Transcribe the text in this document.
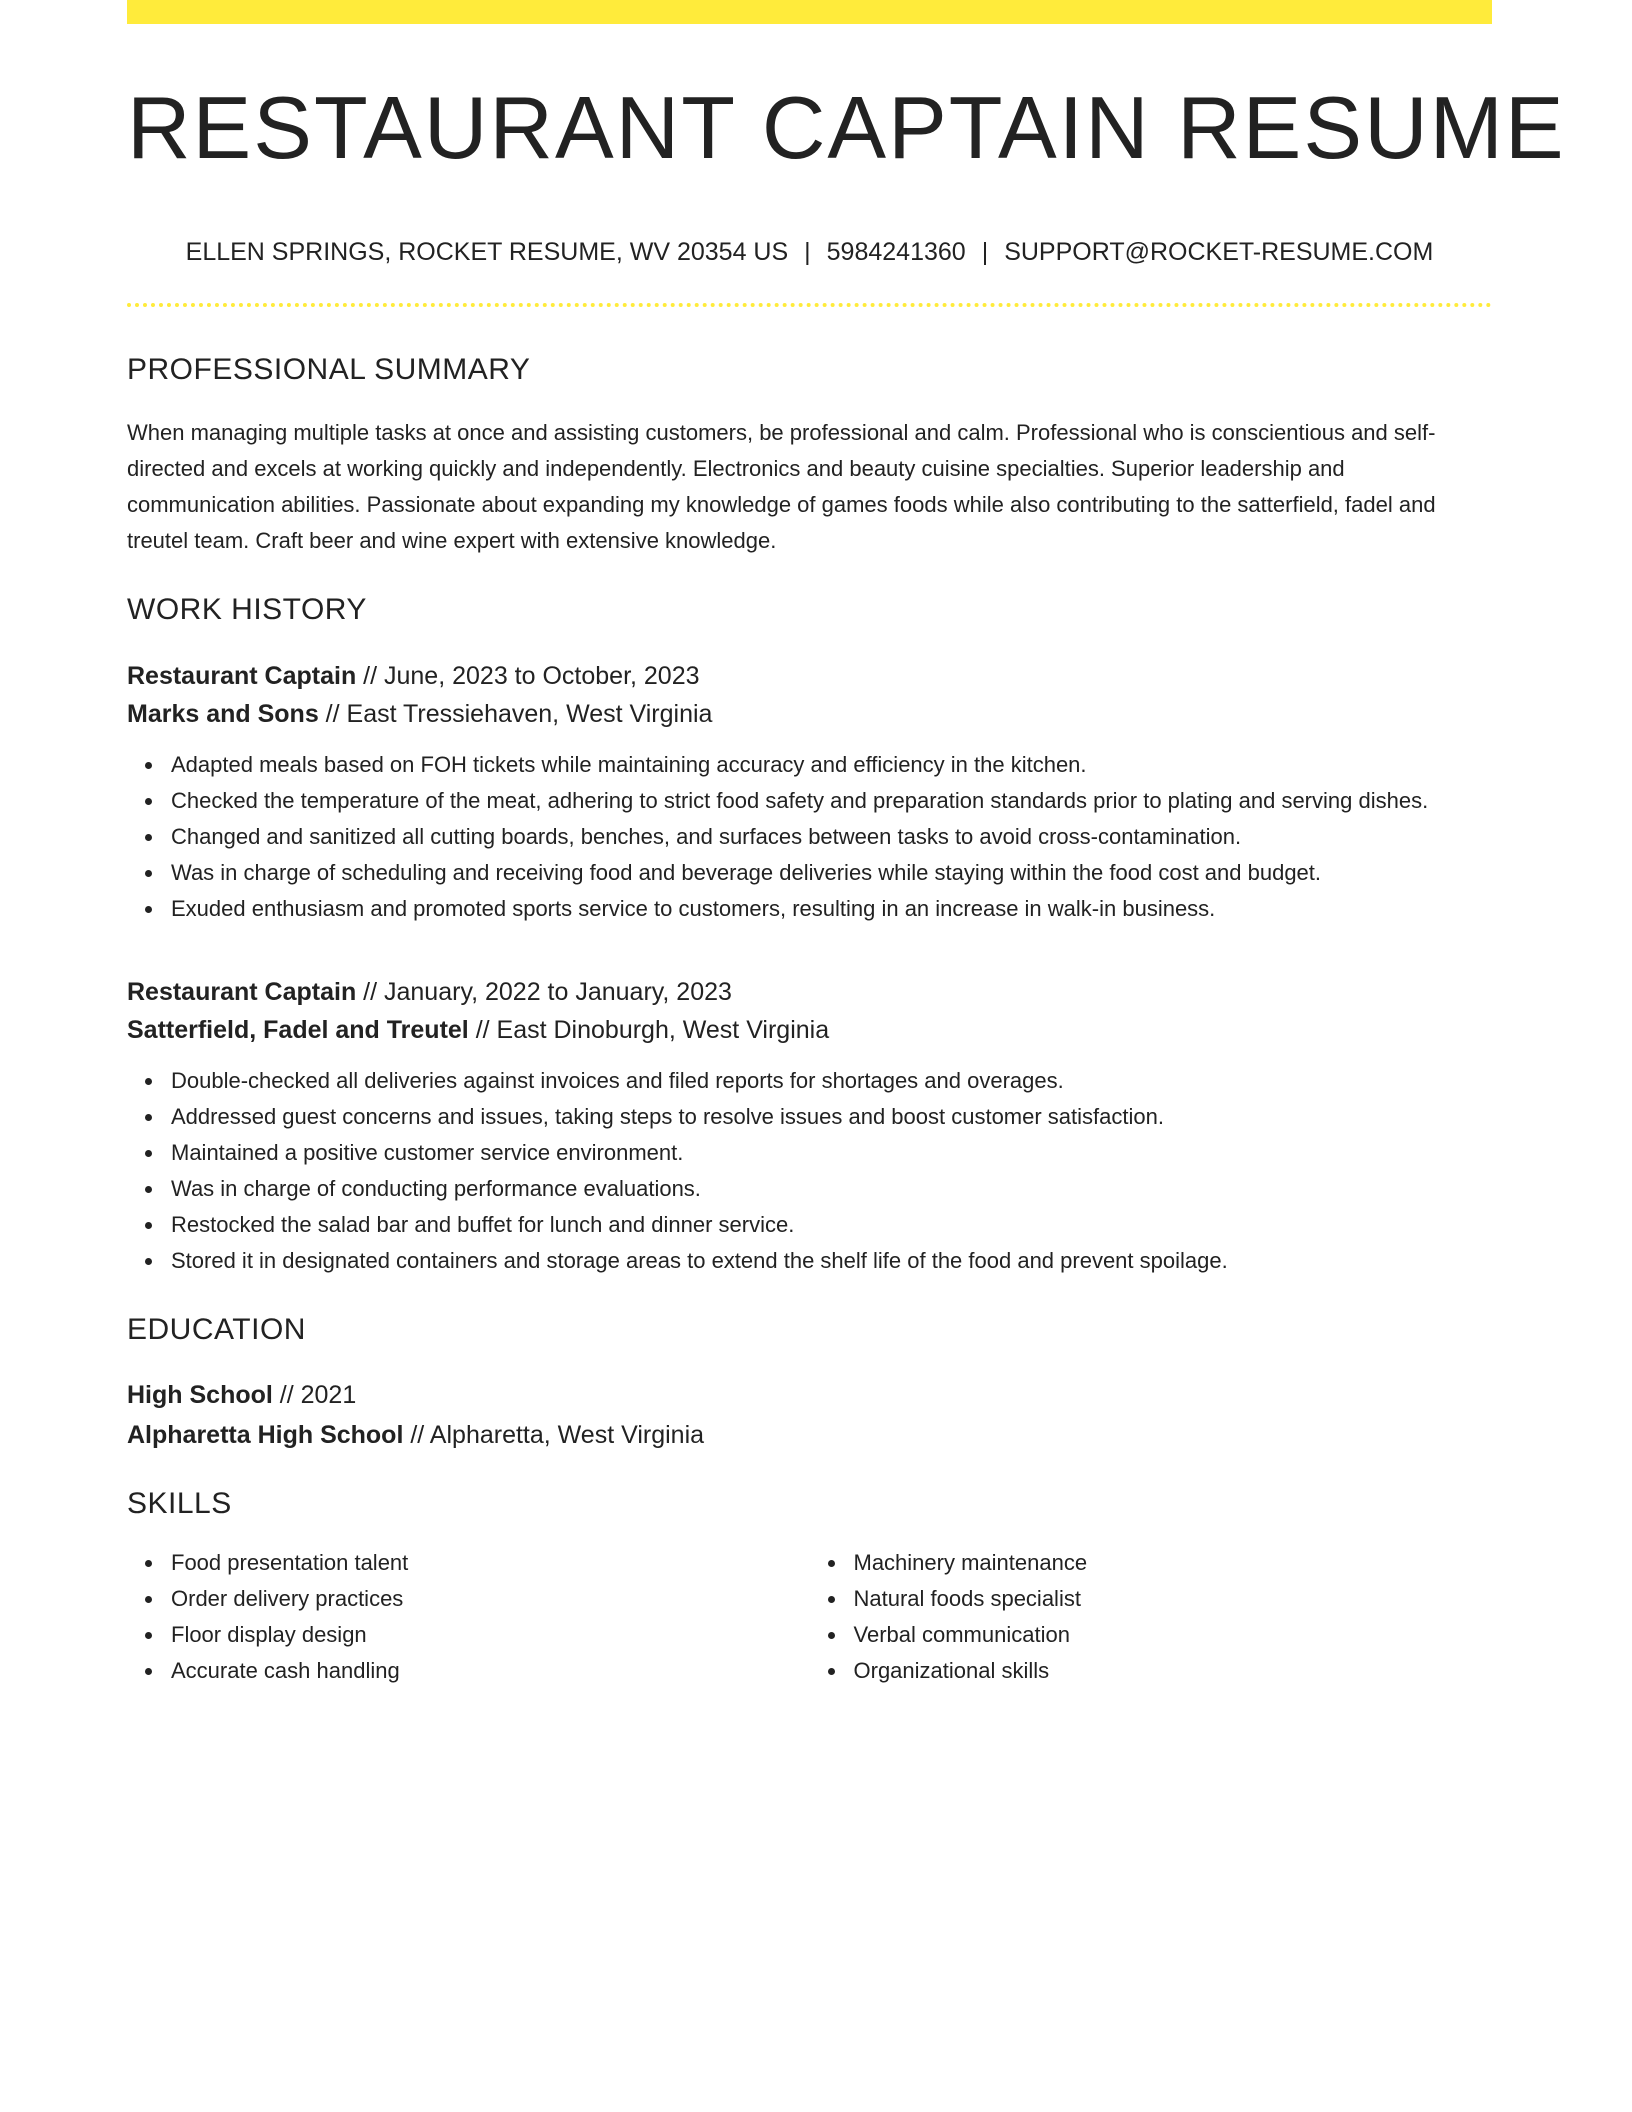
RESTAURANT CAPTAIN RESUME
ELLEN SPRINGS, ROCKET RESUME, WV 20354 US | 5984241360 | SUPPORT@ROCKET-RESUME.COM
PROFESSIONAL SUMMARY

When managing multiple tasks at once and assisting customers, be professional and calm. Professional who is conscientious and self-directed and excels at working quickly and independently. Electronics and beauty cuisine specialties. Superior leadership and communication abilities. Passionate about expanding my knowledge of games foods while also contributing to the satterfield, fadel and treutel team. Craft beer and wine expert with extensive knowledge.

WORK HISTORY
Restaurant Captain // June, 2023 to October, 2023
Marks and Sons // East Tressiehaven, West Virginia
Adapted meals based on FOH tickets while maintaining accuracy and efficiency in the kitchen.
Checked the temperature of the meat, adhering to strict food safety and preparation standards prior to plating and serving dishes.
Changed and sanitized all cutting boards, benches, and surfaces between tasks to avoid cross-contamination.
Was in charge of scheduling and receiving food and beverage deliveries while staying within the food cost and budget.
Exuded enthusiasm and promoted sports service to customers, resulting in an increase in walk-in business.
Restaurant Captain // January, 2022 to January, 2023
Satterfield, Fadel and Treutel // East Dinoburgh, West Virginia
Double-checked all deliveries against invoices and filed reports for shortages and overages.
Addressed guest concerns and issues, taking steps to resolve issues and boost customer satisfaction.
Maintained a positive customer service environment.
Was in charge of conducting performance evaluations.
Restocked the salad bar and buffet for lunch and dinner service.
Stored it in designated containers and storage areas to extend the shelf life of the food and prevent spoilage.
EDUCATION
High School // 2021
Alpharetta High School // Alpharetta, West Virginia
SKILLS
Food presentation talent
Order delivery practices
Floor display design
Accurate cash handling
Machinery maintenance
Natural foods specialist
Verbal communication
Organizational skills
